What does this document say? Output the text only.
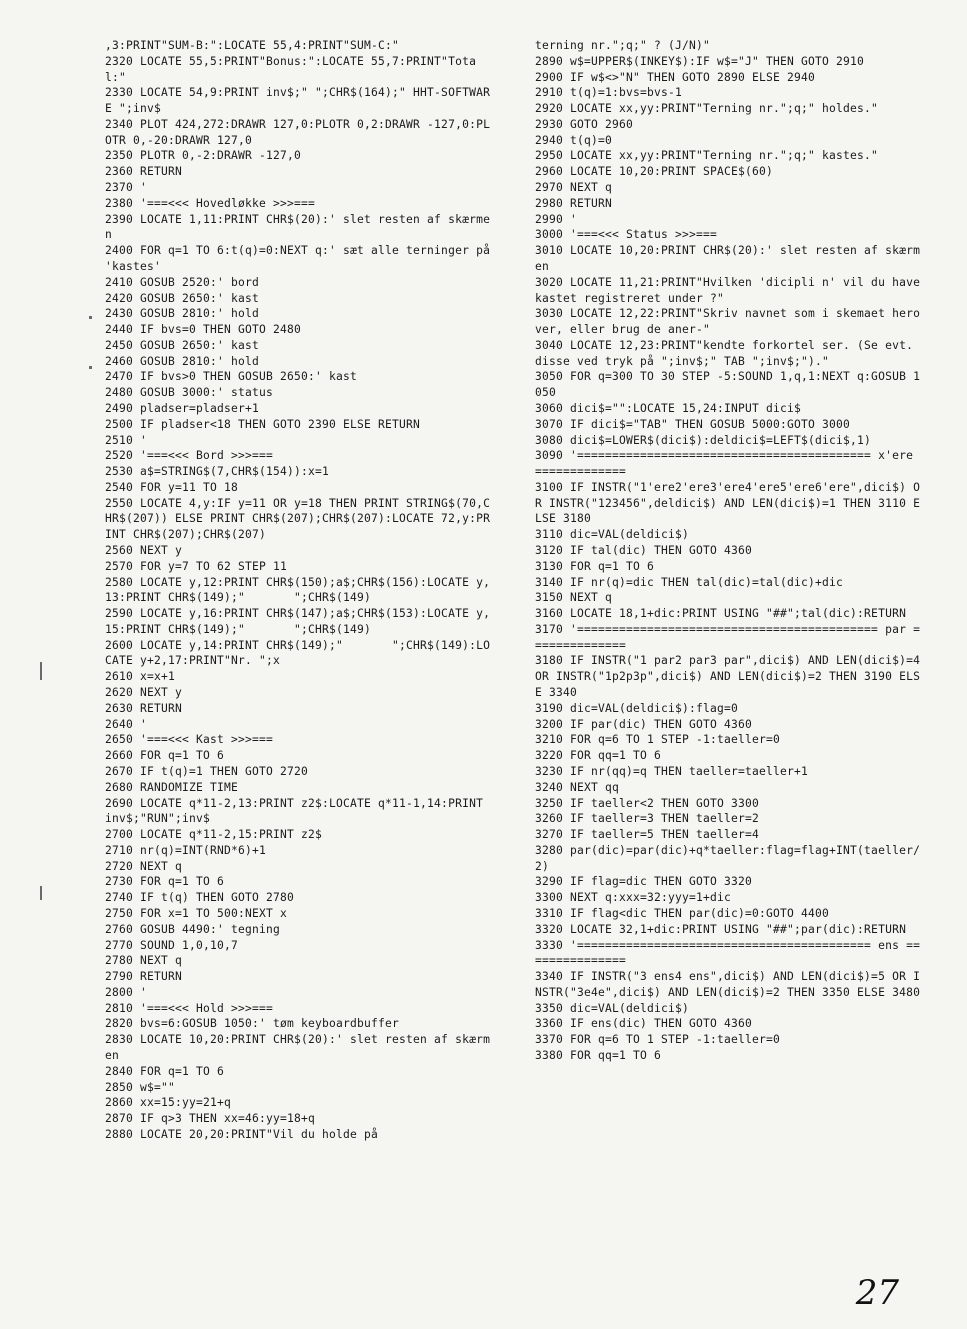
,3:PRINT"SUM-B:":LOCATE 55,4:PRINT"SUM-C:"
2320 LOCATE 55,5:PRINT"Bonus:":LOCATE 55,7:PRINT"Total:"
2330 LOCATE 54,9:PRINT inv$;" ";CHR$(164);" HHT-SOFTWARE ";inv$
2340 PLOT 424,272:DRAWR 127,0:PLOTR 0,2:DRAWR -127,0:PLOTR 0,-20:DRAWR 127,0
2350 PLOTR 0,-2:DRAWR -127,0
2360 RETURN
2370 '
2380 '===<<< Hovedløkke >>>===
2390 LOCATE 1,11:PRINT CHR$(20):' slet resten af skærmen
2400 FOR q=1 TO 6:t(q)=0:NEXT q:' sæt alle terninger på 'kastes'
2410 GOSUB 2520:' bord
2420 GOSUB 2650:' kast
2430 GOSUB 2810:' hold
2440 IF bvs=0 THEN GOTO 2480
2450 GOSUB 2650:' kast
2460 GOSUB 2810:' hold
2470 IF bvs>0 THEN GOSUB 2650:' kast
2480 GOSUB 3000:' status
2490 pladser=pladser+1
2500 IF pladser<18 THEN GOTO 2390 ELSE RETURN
2510 '
2520 '===<<< Bord >>>===
2530 a$=STRING$(7,CHR$(154)):x=1
2540 FOR y=11 TO 18
2550 LOCATE 4,y:IF y=11 OR y=18 THEN PRINT STRING$(70,CHR$(207)) ELSE PRINT CHR$(207);CHR$(207):LOCATE 72,y:PRINT CHR$(207);CHR$(207)
2560 NEXT y
2570 FOR y=7 TO 62 STEP 11
2580 LOCATE y,12:PRINT CHR$(150);a$;CHR$(156):LOCATE y,13:PRINT CHR$(149);"       ";CHR$(149)
2590 LOCATE y,16:PRINT CHR$(147);a$;CHR$(153):LOCATE y,15:PRINT CHR$(149);"       ";CHR$(149)
2600 LOCATE y,14:PRINT CHR$(149);"       ";CHR$(149):LOCATE y+2,17:PRINT"Nr. ";x
2610 x=x+1
2620 NEXT y
2630 RETURN
2640 '
2650 '===<<< Kast >>>===
2660 FOR q=1 TO 6
2670 IF t(q)=1 THEN GOTO 2720
2680 RANDOMIZE TIME
2690 LOCATE q*11-2,13:PRINT z2$:LOCATE q*11-1,14:PRINT inv$;"RUN";inv$
2700 LOCATE q*11-2,15:PRINT z2$
2710 nr(q)=INT(RND*6)+1
2720 NEXT q
2730 FOR q=1 TO 6
2740 IF t(q) THEN GOTO 2780
2750 FOR x=1 TO 500:NEXT x
2760 GOSUB 4490:' tegning
2770 SOUND 1,0,10,7
2780 NEXT q
2790 RETURN
2800 '
2810 '===<<< Hold >>>===
2820 bvs=6:GOSUB 1050:' tøm keyboardbuffer
2830 LOCATE 10,20:PRINT CHR$(20):' slet resten af skærmen
2840 FOR q=1 TO 6
2850 w$=""
2860 xx=15:yy=21+q
2870 IF q>3 THEN xx=46:yy=18+q
2880 LOCATE 20,20:PRINT"Vil du holde på
terning nr.";q;" ? (J/N)"
2890 w$=UPPER$(INKEY$):IF w$="J" THEN GOTO 2910
2900 IF w$<>"N" THEN GOTO 2890 ELSE 2940
2910 t(q)=1:bvs=bvs-1
2920 LOCATE xx,yy:PRINT"Terning nr.";q;" holdes."
2930 GOTO 2960
2940 t(q)=0
2950 LOCATE xx,yy:PRINT"Terning nr.";q;" kastes."
2960 LOCATE 10,20:PRINT SPACE$(60)
2970 NEXT q
2980 RETURN
2990 '
3000 '===<<< Status >>>===
3010 LOCATE 10,20:PRINT CHR$(20):' slet resten af skærmen
3020 LOCATE 11,21:PRINT"Hvilken 'dicipli n' vil du have kastet registreret under ?"
3030 LOCATE 12,22:PRINT"Skriv navnet som i skemaet herover, eller brug de aner-"
3040 LOCATE 12,23:PRINT"kendte forkortel ser. (Se evt. disse ved tryk på ";inv$;" TAB ";inv$;")."
3050 FOR q=300 TO 30 STEP -5:SOUND 1,q,1:NEXT q:GOSUB 1050
3060 dici$="":LOCATE 15,24:INPUT dici$
3070 IF dici$="TAB" THEN GOSUB 5000:GOTO 3000
3080 dici$=LOWER$(dici$):deldici$=LEFT$(dici$,1)
3090 '========================================== x'ere =============
3100 IF INSTR("1'ere2'ere3'ere4'ere5'ere6'ere",dici$) OR INSTR("123456",deldici$) AND LEN(dici$)=1 THEN 3110 ELSE 3180
3110 dic=VAL(deldici$)
3120 IF tal(dic) THEN GOTO 4360
3130 FOR q=1 TO 6
3140 IF nr(q)=dic THEN tal(dic)=tal(dic)+dic
3150 NEXT q
3160 LOCATE 18,1+dic:PRINT USING "##";tal(dic):RETURN
3170 '=========================================== par ==============
3180 IF INSTR("1 par2 par3 par",dici$) AND LEN(dici$)=4 OR INSTR("1p2p3p",dici$) AND LEN(dici$)=2 THEN 3190 ELSE 3340
3190 dic=VAL(deldici$):flag=0
3200 IF par(dic) THEN GOTO 4360
3210 FOR q=6 TO 1 STEP -1:taeller=0
3220 FOR qq=1 TO 6
3230 IF nr(qq)=q THEN taeller=taeller+1
3240 NEXT qq
3250 IF taeller<2 THEN GOTO 3300
3260 IF taeller=3 THEN taeller=2
3270 IF taeller=5 THEN taeller=4
3280 par(dic)=par(dic)+q*taeller:flag=flag+INT(taeller/2)
3290 IF flag=dic THEN GOTO 3320
3300 NEXT q:xxx=32:yyy=1+dic
3310 IF flag<dic THEN par(dic)=0:GOTO 4400
3320 LOCATE 32,1+dic:PRINT USING "##";par(dic):RETURN
3330 '========================================== ens ===============
3340 IF INSTR("3 ens4 ens",dici$) AND LEN(dici$)=5 OR INSTR("3e4e",dici$) AND LEN(dici$)=2 THEN 3350 ELSE 3480
3350 dic=VAL(deldici$)
3360 IF ens(dic) THEN GOTO 4360
3370 FOR q=6 TO 1 STEP -1:taeller=0
3380 FOR qq=1 TO 6
27
